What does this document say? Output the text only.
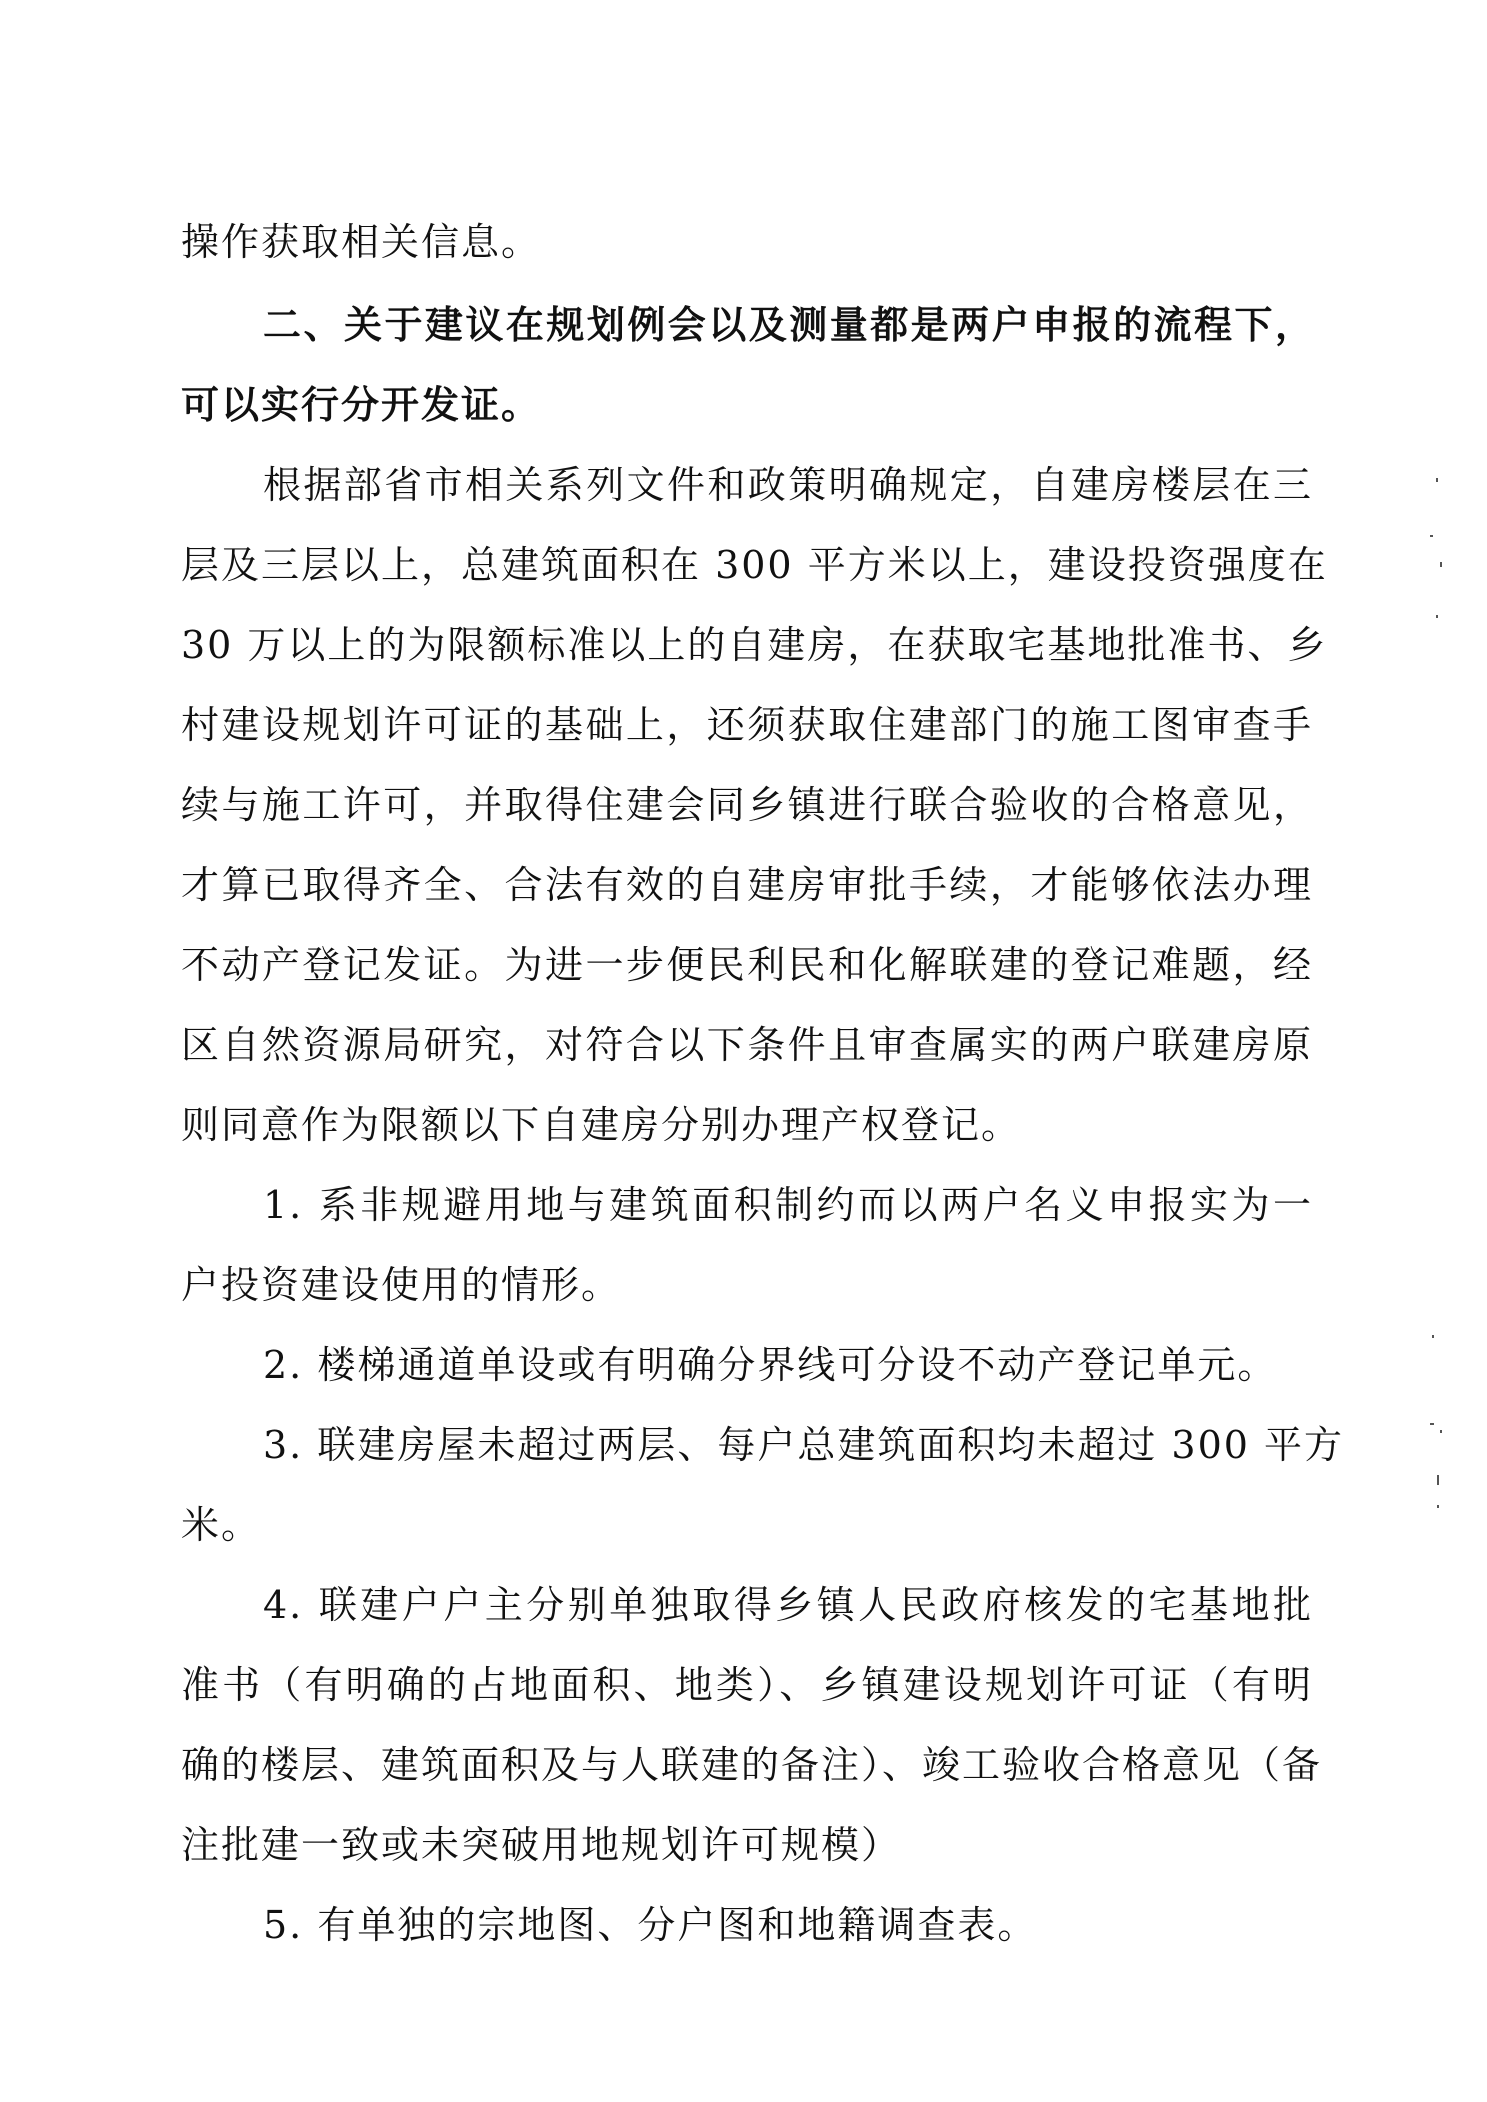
操作获取相关信息。
二、关于建议在规划例会以及测量都是两户申报的流程下，
可以实行分开发证。
根据部省市相关系列文件和政策明确规定，自建房楼层在三
层及三层以上，总建筑面积在 300 平方米以上，建设投资强度在
30 万以上的为限额标准以上的自建房，在获取宅基地批准书、乡
村建设规划许可证的基础上，还须获取住建部门的施工图审查手
续与施工许可，并取得住建会同乡镇进行联合验收的合格意见，
才算已取得齐全、合法有效的自建房审批手续，才能够依法办理
不动产登记发证。为进一步便民利民和化解联建的登记难题，经
区自然资源局研究，对符合以下条件且审查属实的两户联建房原
则同意作为限额以下自建房分别办理产权登记。
1. 系非规避用地与建筑面积制约而以两户名义申报实为一
户投资建设使用的情形。
2. 楼梯通道单设或有明确分界线可分设不动产登记单元。
3. 联建房屋未超过两层、每户总建筑面积均未超过 300 平方
米。
4. 联建户户主分别单独取得乡镇人民政府核发的宅基地批
准书（有明确的占地面积、地类）、乡镇建设规划许可证（有明
确的楼层、建筑面积及与人联建的备注）、竣工验收合格意见（备
注批建一致或未突破用地规划许可规模）
5. 有单独的宗地图、分户图和地籍调查表。
